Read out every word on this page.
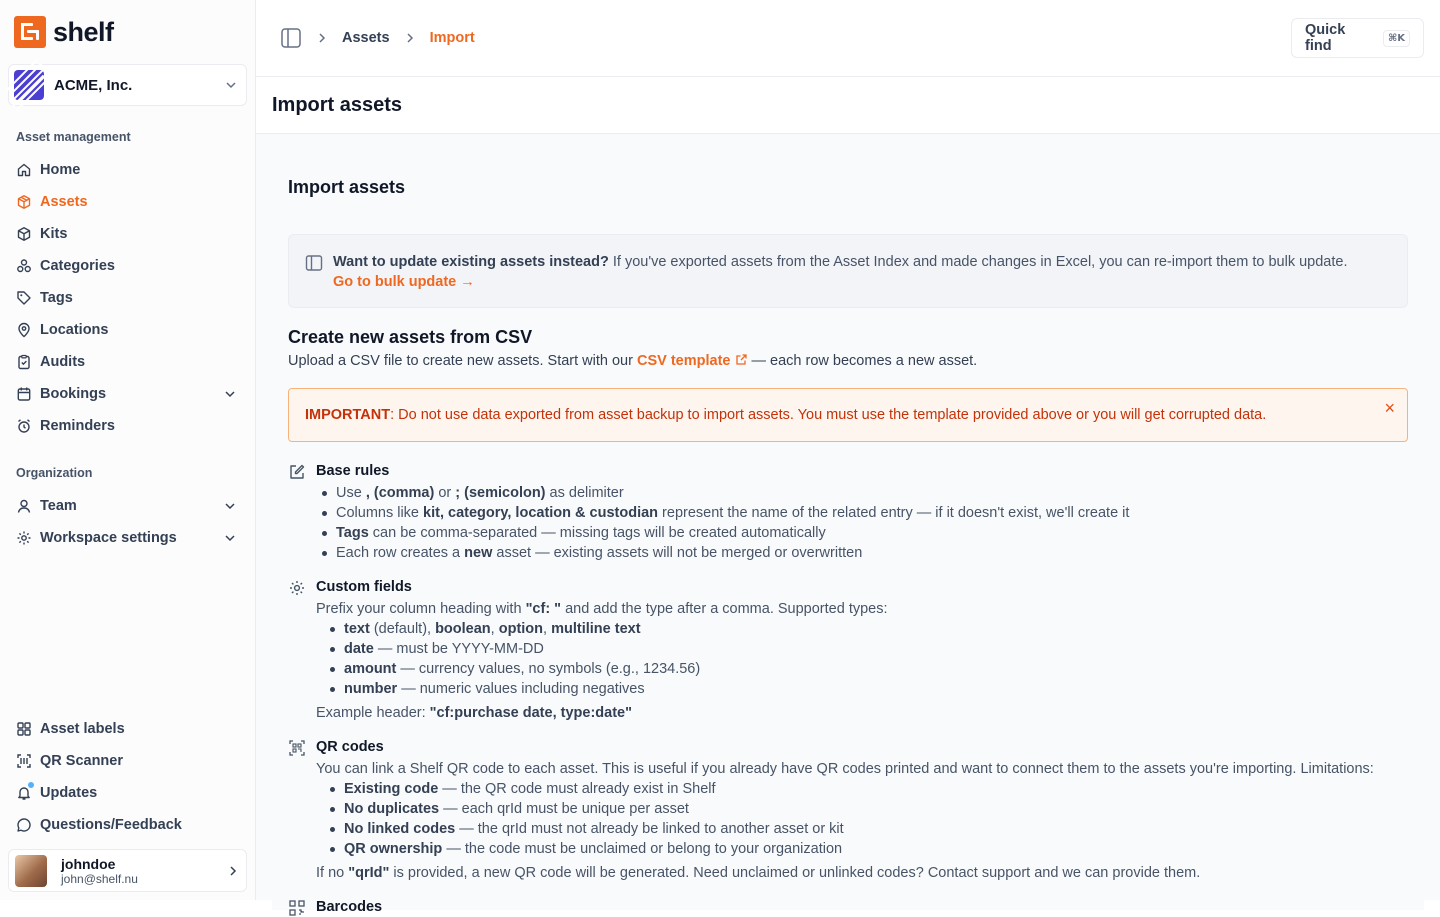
shelf
ACME, Inc.
Asset management
Home
Assets
Kits
Categories
Tags
Locations
Audits
Bookings
Reminders
Organization
Team
Workspace settings
Asset labels
QR Scanner
Updates
Questions/Feedback
johndoe
john@shelf.nu
Assets	Import	Quick find	⌘K
Import assets
Import assets
Want to update existing assets instead? If you've exported assets from the Asset Index and made changes in Excel, you can re-import them to bulk update.
Go to bulk update →
Create new assets from CSV
Upload a CSV file to create new assets. Start with our CSV template  — each row becomes a new asset.
IMPORTANT: Do not use data exported from asset backup to import assets. You must use the template provided above or you will get corrupted data.	×
Base rules
Use , (comma) or ; (semicolon) as delimiter
Columns like kit, category, location & custodian represent the name of the related entry — if it doesn't exist, we'll create it
Tags can be comma-separated — missing tags will be created automatically
Each row creates a new asset — existing assets will not be merged or overwritten
Custom fields

Prefix your column heading with "cf: " and add the type after a comma. Supported types:

text (default), boolean, option, multiline text
date — must be YYYY-MM-DD
amount — currency values, no symbols (e.g., 1234.56)
number — numeric values including negatives

Example header: "cf:purchase date, type:date"

QR codes

You can link a Shelf QR code to each asset. This is useful if you already have QR codes printed and want to connect them to the assets you're importing. Limitations:

Existing code — the QR code must already exist in Shelf
No duplicates — each qrId must be unique per asset
No linked codes — the qrId must not already be linked to another asset or kit
QR ownership — the code must be unclaimed or belong to your organization

If no "qrId" is provided, a new QR code will be generated. Need unclaimed or unlinked codes? Contact support and we can provide them.

Barcodes
